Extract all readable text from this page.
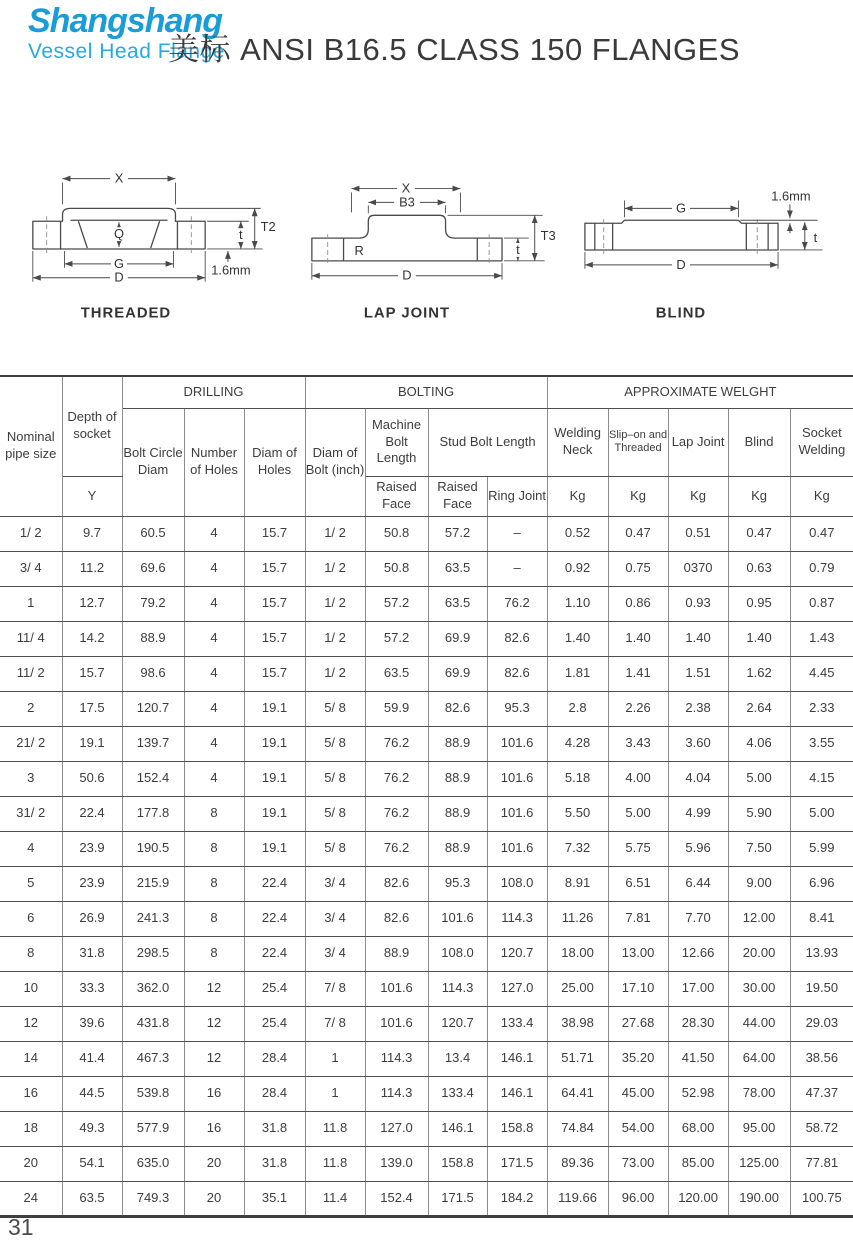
Shangshang
Vessel Head Flange
美标 ANSI B16.5 CLASS 150 FLANGES
X
Q
G
D
t
T2
1.6mm
THREADED
X
B3
R
D
t
T3
LAP JOINT
G
1.6mm
D
t
BLIND
Nominal pipe size	Depth of socket	DRILLING			BOLTING				APPROXIMATE WELGHT				
		Bolt Circle Diam	Number of Holes	Diam of Holes	Diam of Bolt (inch)	Machine Bolt Length	Stud Bolt Length		Welding Neck	Slip–on and Threaded	Lap Joint	Blind	Socket Welding
	Y					Raised Face	Raised Face	Ring Joint	Kg	Kg	Kg	Kg	Kg
1/ 2	9.7	60.5	4	15.7	1/ 2	50.8	57.2	–	0.52	0.47	0.51	0.47	0.47
3/ 4	11.2	69.6	4	15.7	1/ 2	50.8	63.5	–	0.92	0.75	0370	0.63	0.79
1	12.7	79.2	4	15.7	1/ 2	57.2	63.5	76.2	1.10	0.86	0.93	0.95	0.87
11/ 4	14.2	88.9	4	15.7	1/ 2	57.2	69.9	82.6	1.40	1.40	1.40	1.40	1.43
11/ 2	15.7	98.6	4	15.7	1/ 2	63.5	69.9	82.6	1.81	1.41	1.51	1.62	4.45
2	17.5	120.7	4	19.1	5/ 8	59.9	82.6	95.3	2.8	2.26	2.38	2.64	2.33
21/ 2	19.1	139.7	4	19.1	5/ 8	76.2	88.9	101.6	4.28	3.43	3.60	4.06	3.55
3	50.6	152.4	4	19.1	5/ 8	76.2	88.9	101.6	5.18	4.00	4.04	5.00	4.15
31/ 2	22.4	177.8	8	19.1	5/ 8	76.2	88.9	101.6	5.50	5.00	4.99	5.90	5.00
4	23.9	190.5	8	19.1	5/ 8	76.2	88.9	101.6	7.32	5.75	5.96	7.50	5.99
5	23.9	215.9	8	22.4	3/ 4	82.6	95.3	108.0	8.91	6.51	6.44	9.00	6.96
6	26.9	241.3	8	22.4	3/ 4	82.6	101.6	114.3	11.26	7.81	7.70	12.00	8.41
8	31.8	298.5	8	22.4	3/ 4	88.9	108.0	120.7	18.00	13.00	12.66	20.00	13.93
10	33.3	362.0	12	25.4	7/ 8	101.6	114.3	127.0	25.00	17.10	17.00	30.00	19.50
12	39.6	431.8	12	25.4	7/ 8	101.6	120.7	133.4	38.98	27.68	28.30	44.00	29.03
14	41.4	467.3	12	28.4	1	114.3	13.4	146.1	51.71	35.20	41.50	64.00	38.56
16	44.5	539.8	16	28.4	1	114.3	133.4	146.1	64.41	45.00	52.98	78.00	47.37
18	49.3	577.9	16	31.8	11.8	127.0	146.1	158.8	74.84	54.00	68.00	95.00	58.72
20	54.1	635.0	20	31.8	11.8	139.0	158.8	171.5	89.36	73.00	85.00	125.00	77.81
24	63.5	749.3	20	35.1	11.4	152.4	171.5	184.2	119.66	96.00	120.00	190.00	100.75
31
